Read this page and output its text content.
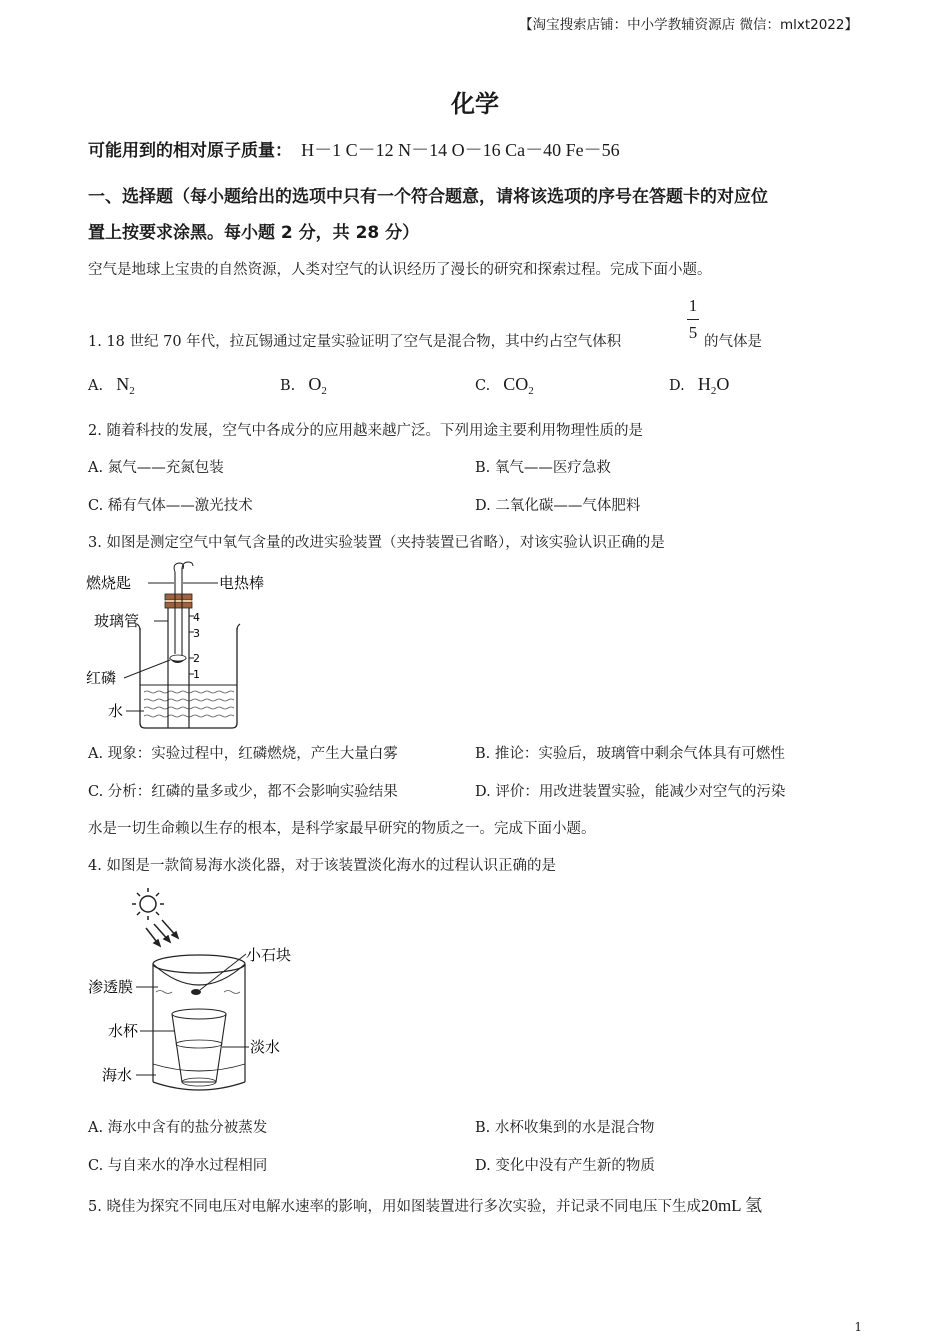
【淘宝搜索店铺：中小学教辅资源店 微信：mlxt2022】
化学
可能用到的相对原子质量： H－1 C－12 N－14 O－16 Ca－40 Fe－56
一、选择题（每小题给出的选项中只有一个符合题意，请将该选项的序号在答题卡的对应位
置上按要求涂黑。每小题 2 分，共 28 分）
空气是地球上宝贵的自然资源，人类对空气的认识经历了漫长的研究和探索过程。完成下面小题。
1. 18 世纪 70 年代，拉瓦锡通过定量实验证明了空气是混合物，其中约占空气体积
1
5 的气体是
A. $N_2$	B. $O_2$	C. $CO_2$	D. $H_2O$
2. 随着科技的发展，空气中各成分的应用越来越广泛。下列用途主要利用物理性质的是
A. 氮气——充氮包装	B. 氧气——医疗急救
C. 稀有气体——激光技术	D. 二氧化碳——气体肥料
3. 如图是测定空气中氧气含量的改进实验装置（夹持装置已省略），对该实验认识正确的是
4
3
2
1
燃烧匙	电热棒
玻璃管
红磷
水
A. 现象：实验过程中，红磷燃烧，产生大量白雾	B. 推论：实验后，玻璃管中剩余气体具有可燃性
C. 分析：红磷的量多或少，都不会影响实验结果	D. 评价：用改进装置实验，能减少对空气的污染
水是一切生命赖以生存的根本，是科学家最早研究的物质之一。完成下面小题。
4. 如图是一款简易海水淡化器，对于该装置淡化海水的过程认识正确的是
小石块
渗透膜
水杯
淡水
海水
A. 海水中含有的盐分被蒸发	B. 水杯收集到的水是混合物
C. 与自来水的净水过程相同	D. 变化中没有产生新的物质
5. 晓佳为探究不同电压对电解水速率的影响，用如图装置进行多次实验，并记录不同电压下生成20mL 氢
1
